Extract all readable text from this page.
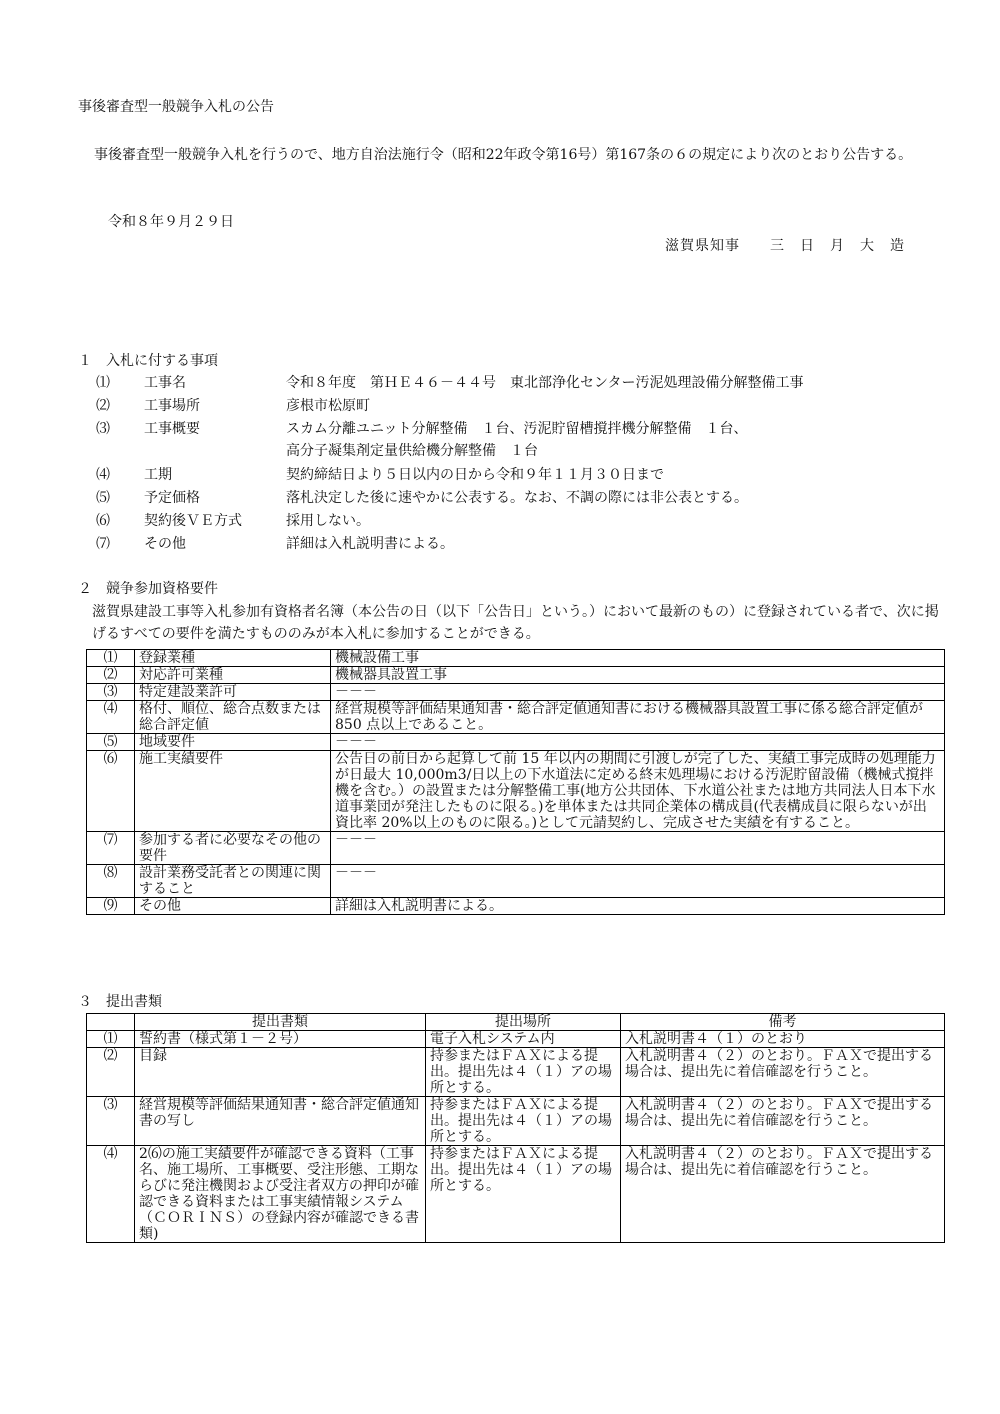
事後審査型一般競争入札の公告
事後審査型一般競争入札を行うので、地方自治法施行令（昭和22年政令第16号）第167条の６の規定により次のとおり公告する。
令和８年９月２９日
滋賀県知事　　三　日　月　大　造
１　入札に付する事項
⑴ 工事名	令和８年度　第ＨＥ４６－４４号　東北部浄化センター汚泥処理設備分解整備工事
⑵ 工事場所	彦根市松原町
⑶ 工事概要	スカム分離ユニット分解整備　１台、汚泥貯留槽撹拌機分解整備　１台、
高分子凝集剤定量供給機分解整備　１台
⑷ 工期	契約締結日より５日以内の日から令和９年１１月３０日まで
⑸ 予定価格	落札決定した後に速やかに公表する。なお、不調の際には非公表とする。
⑹ 契約後ＶＥ方式	採用しない。
⑺ その他	詳細は入札説明書による。
２　競争参加資格要件
滋賀県建設工事等入札参加有資格者名簿（本公告の日（以下「公告日」という。）において最新のもの）に登録されている者で、次に掲げるすべての要件を満たすもののみが本入札に参加することができる。
⑴	登録業種	機械設備工事
⑵	対応許可業種	機械器具設置工事
⑶	特定建設業許可	－－－
⑷	格付、順位、総合点数または総合評定値	経営規模等評価結果通知書・総合評定値通知書における機械器具設置工事に係る総合評定値が 850 点以上であること。
⑸	地域要件	－－－
⑹	施工実績要件	公告日の前日から起算して前 15 年以内の期間に引渡しが完了した、実績工事完成時の処理能力が日最大 10,000m3/日以上の下水道法に定める終末処理場における汚泥貯留設備（機械式撹拌機を含む。）の設置または分解整備工事(地方公共団体、下水道公社または地方共同法人日本下水道事業団が発注したものに限る。)を単体または共同企業体の構成員(代表構成員に限らないが出資比率 20%以上のものに限る。)として元請契約し、完成させた実績を有すること。
⑺	参加する者に必要なその他の要件	－－－
⑻	設計業務受託者との関連に関すること	－－－
⑼	その他	詳細は入札説明書による。
３　提出書類
	提出書類	提出場所	備考
⑴	誓約書（様式第１－２号）	電子入札システム内	入札説明書４（１）のとおり
⑵	目録	持参またはＦＡＸによる提出。提出先は４（１）アの場所とする。	入札説明書４（２）のとおり。ＦＡＸで提出する場合は、提出先に着信確認を行うこと。
⑶	経営規模等評価結果通知書・総合評定値通知書の写し	持参またはＦＡＸによる提出。提出先は４（１）アの場所とする。	入札説明書４（２）のとおり。ＦＡＸで提出する場合は、提出先に着信確認を行うこと。
⑷	2⑹の施工実績要件が確認できる資料（工事名、施工場所、工事概要、受注形態、工期ならびに発注機関および受注者双方の押印が確認できる資料または工事実績情報システム（ＣＯＲＩＮＳ）の登録内容が確認できる書類)	持参またはＦＡＸによる提出。提出先は４（１）アの場所とする。	入札説明書４（２）のとおり。ＦＡＸで提出する場合は、提出先に着信確認を行うこと。
